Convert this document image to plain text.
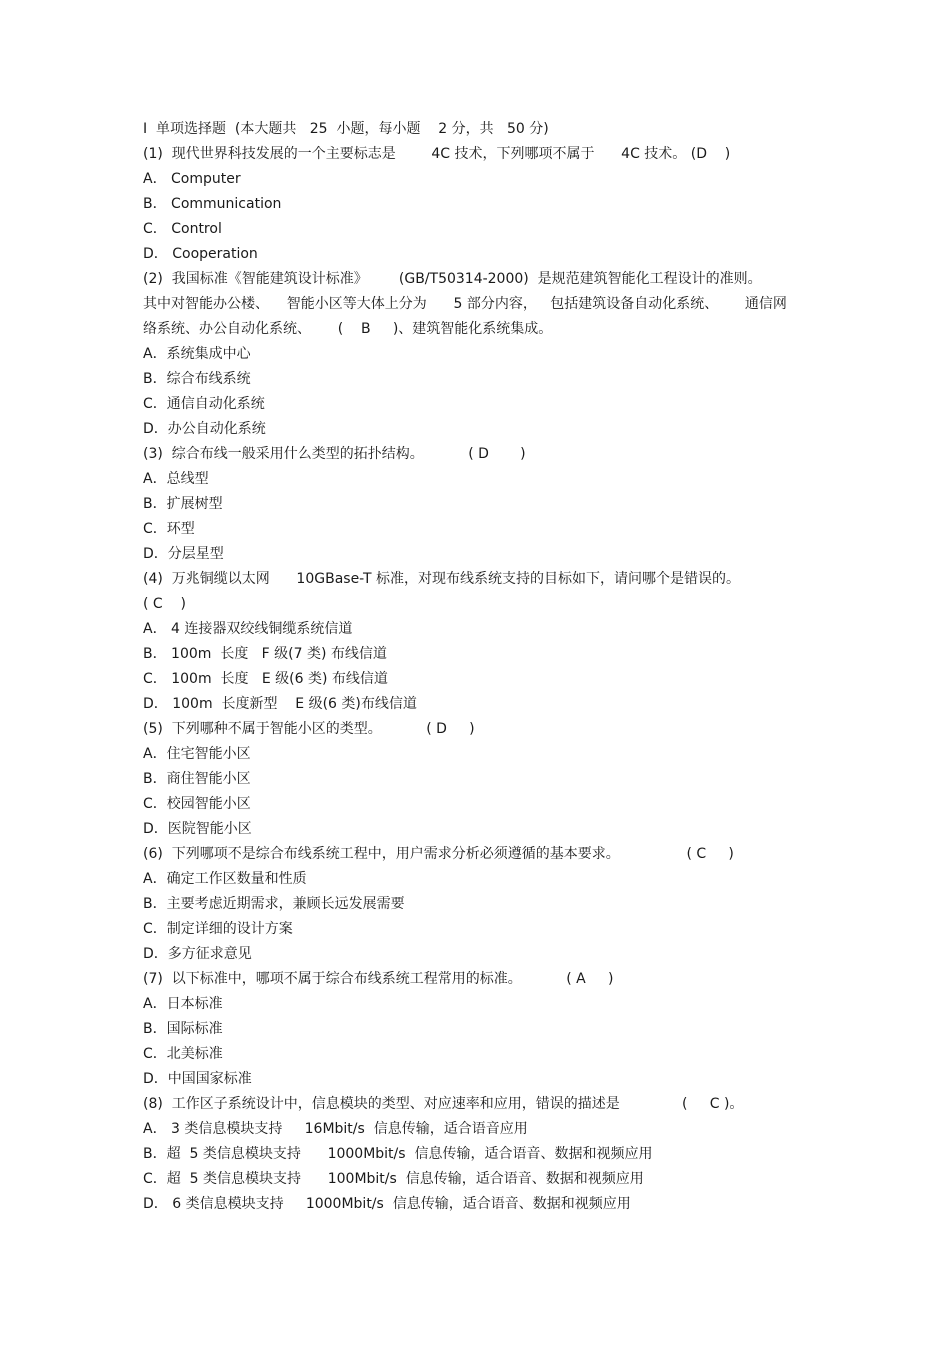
Ⅰ  单项选择题  (本大题共   25  小题，每小题    2 分，共   50 分)
(1)  现代世界科技发展的一个主要标志是        4C 技术，下列哪项不属于      4C 技术。 (D    )
A． Computer
B． Communication
C． Control
D． Cooperation
(2)  我国标准《智能建筑设计标准》       (GB/T50314-2000)  是规范建筑智能化工程设计的准则。
其中对智能办公楼、    智能小区等大体上分为      5 部分内容，   包括建筑设备自动化系统、      通信网
络系统、办公自动化系统、      (    B     )、建筑智能化系统集成。
A．系统集成中心
B．综合布线系统
C．通信自动化系统
D．办公自动化系统
(3)  综合布线一般采用什么类型的拓扑结构。          ( D       )
A．总线型
B．扩展树型
C．环型
D．分层星型
(4)  万兆铜缆以太网      10GBase-T 标准，对现布线系统支持的目标如下，请问哪个是错误的。
( C    )
A． 4 连接器双绞线铜缆系统信道
B． 100m  长度   F 级(7 类) 布线信道
C． 100m  长度   E 级(6 类) 布线信道
D． 100m  长度新型    E 级(6 类)布线信道
(5)  下列哪种不属于智能小区的类型。          ( D     )
A．住宅智能小区
B．商住智能小区
C．校园智能小区
D．医院智能小区
(6)  下列哪项不是综合布线系统工程中，用户需求分析必须遵循的基本要求。               ( C     )
A．确定工作区数量和性质
B．主要考虑近期需求，兼顾长远发展需要
C．制定详细的设计方案
D．多方征求意见
(7)  以下标准中，哪项不属于综合布线系统工程常用的标准。          ( A     )
A．日本标准
B．国际标准
C．北美标准
D．中国国家标准
(8)  工作区子系统设计中，信息模块的类型、对应速率和应用，错误的描述是              (     C )。
A． 3 类信息模块支持     16Mbit/s  信息传输，适合语音应用
B．超  5 类信息模块支持      1000Mbit/s  信息传输，适合语音、数据和视频应用
C．超  5 类信息模块支持      100Mbit/s  信息传输，适合语音、数据和视频应用
D． 6 类信息模块支持     1000Mbit/s  信息传输，适合语音、数据和视频应用
